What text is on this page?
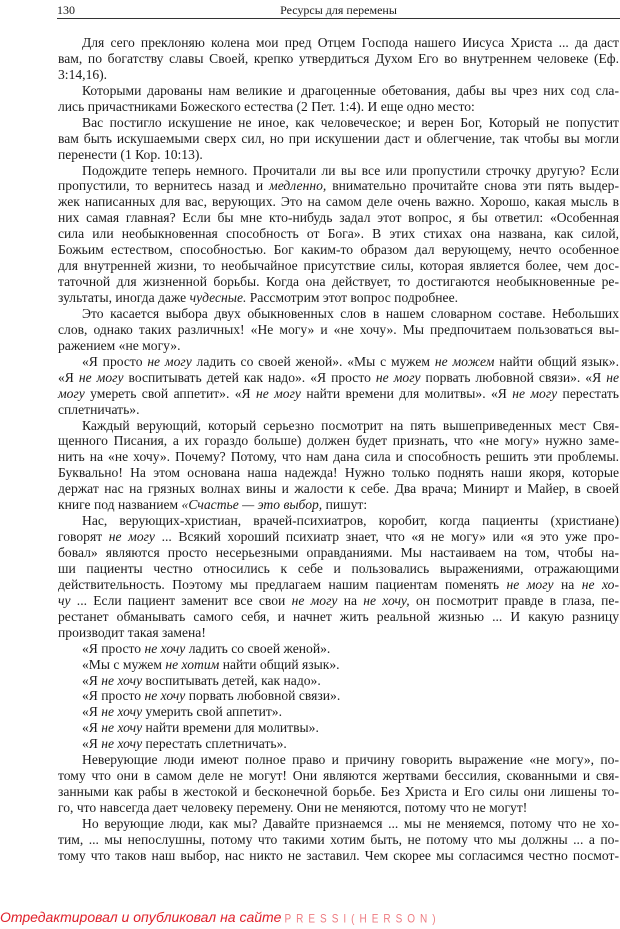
130	Ресурсы для перемены
Для сего преклоняю колена мои пред Отцем Господа нашего Иисуса Христа ... да даст
вам, по богатству славы Своей, крепко утвердиться Духом Его во внутреннем человеке (Еф.
3:14,16).
Которыми дарованы нам великие и драгоценные обетования, дабы вы чрез них сод сла-
лись причастниками Божеского естества (2 Пет. 1:4). И еще одно место:
Вас постигло искушение не иное, как человеческое; и верен Бог, Который не попустит
вам быть искушаемыми сверх сил, но при искушении даст и облегчение, так чтобы вы могли
перенести (1 Кор. 10:13).
Подождите теперь немного. Прочитали ли вы все или пропустили строчку другую? Если
пропустили, то вернитесь назад и медленно, внимательно прочитайте снова эти пять выдер-
жек написанных для вас, верующих. Это на самом деле очень важно. Хорошо, какая мысль в
них самая главная? Если бы мне кто-нибудь задал этот вопрос, я бы ответил: «Особенная
сила или необыкновенная способность от Бога». В этих стихах она названа, как силой,
Божьим естеством, способностью. Бог каким-то образом дал верующему, нечто особенное
для внутренней жизни, то необычайное присутствие силы, которая является более, чем дос-
таточной для жизненной борьбы. Когда она действует, то достигаются необыкновенные ре-
зультаты, иногда даже чудесные. Рассмотрим этот вопрос подробнее.
Это касается выбора двух обыкновенных слов в нашем словарном составе. Небольших
слов, однако таких различных! «Не могу» и «не хочу». Мы предпочитаем пользоваться вы-
ражением «не могу».
«Я просто не могу ладить со своей женой». «Мы с мужем не можем найти общий язык».
«Я не могу воспитывать детей как надо». «Я просто не могу порвать любовной связи». «Я не
могу умереть свой аппетит». «Я не могу найти времени для молитвы». «Я не могу перестать
сплетничать».
Каждый верующий, который серьезно посмотрит на пять вышеприведенных мест Свя-
щенного Писания, а их гораздо больше) должен будет признать, что «не могу» нужно заме-
нить на «не хочу». Почему? Потому, что нам дана сила и способность решить эти проблемы.
Буквально! На этом основана наша надежда! Нужно только поднять наши якоря, которые
держат нас на грязных волнах вины и жалости к себе. Два врача; Минирт и Майер, в своей
книге под названием «Счастье — это выбор, пишут:
Нас, верующих-христиан, врачей-психиатров, коробит, когда пациенты (христиане)
говорят не могу ... Всякий хороший психиатр знает, что «я не могу» или «я это уже про-
бовал» являются просто несерьезными оправданиями. Мы настаиваем на том, чтобы на-
ши пациенты честно относились к себе и пользовались выражениями, отражающими
действительность. Поэтому мы предлагаем нашим пациентам поменять не могу на не хо-
чу ... Если пациент заменит все свои не могу на не хочу, он посмотрит правде в глаза, пе-
рестанет обманывать самого себя, и начнет жить реальной жизнью ... И какую разницу
производит такая замена!
«Я просто не хочу ладить со своей женой».
«Мы с мужем не хотим найти общий язык».
«Я не хочу воспитывать детей, как надо».
«Я просто не хочу порвать любовной связи».
«Я не хочу умерить свой аппетит».
«Я не хочу найти времени для молитвы».
«Я не хочу перестать сплетничать».
Неверующие люди имеют полное право и причину говорить выражение «не могу», по-
тому что они в самом деле не могут! Они являются жертвами бессилия, скованными и свя-
занными как рабы в жестокой и бесконечной борьбе. Без Христа и Его силы они лишены то-
го, что навсегда дает человеку перемену. Они не меняются, потому что не могут!
Но верующие люди, как мы? Давайте признаемся ... мы не меняемся, потому что не хо-
тим, ... мы непослушны, потому что такими хотим быть, не потому что мы должны ... а по-
тому что таков наш выбор, нас никто не заставил. Чем скорее мы согласимся честно посмот-
Отредактировал и опубликовал на сайте PRESSI(HERSON)
